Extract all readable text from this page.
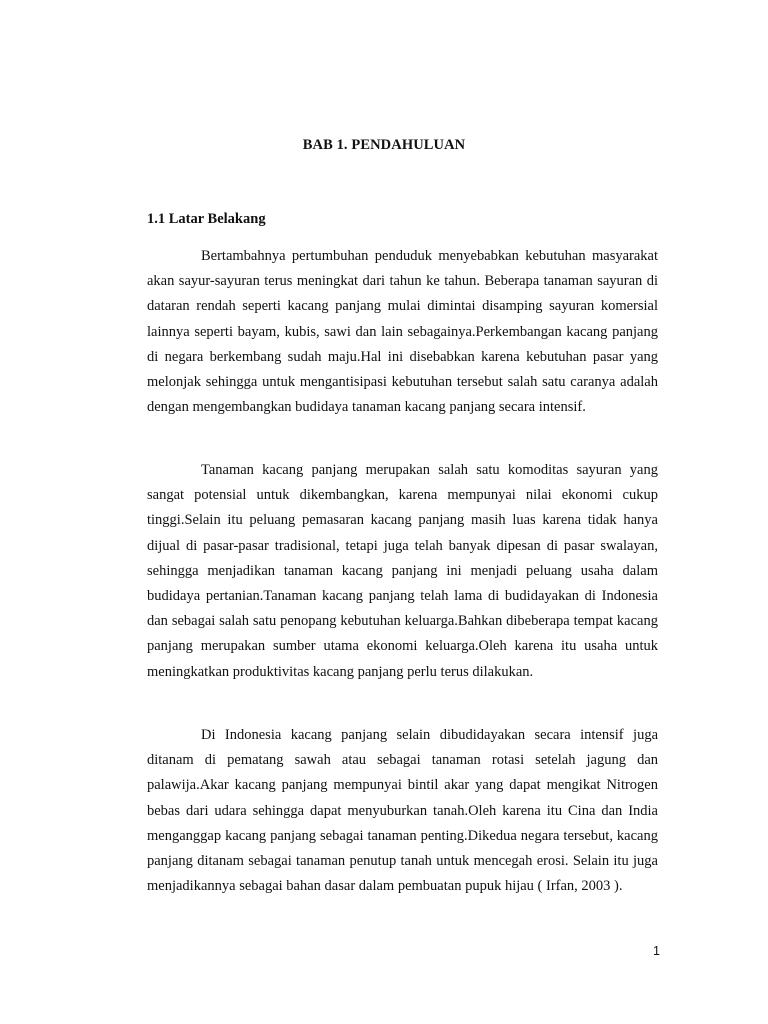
BAB 1. PENDAHULUAN
1.1 Latar Belakang

Bertambahnya pertumbuhan penduduk menyebabkan kebutuhan masyarakat akan sayur-sayuran terus meningkat dari tahun ke tahun. Beberapa tanaman sayuran di dataran rendah seperti kacang panjang mulai dimintai disamping sayuran komersial lainnya seperti bayam, kubis, sawi dan lain sebagainya.Perkembangan kacang panjang di negara berkembang sudah maju.Hal ini disebabkan karena kebutuhan pasar yang melonjak sehingga untuk mengantisipasi kebutuhan tersebut salah satu caranya adalah dengan mengembangkan budidaya tanaman kacang panjang secara intensif.

Tanaman kacang panjang merupakan salah satu komoditas sayuran yang sangat potensial untuk dikembangkan, karena mempunyai nilai ekonomi cukup tinggi.Selain itu peluang pemasaran kacang panjang masih luas karena tidak hanya dijual di pasar-pasar tradisional, tetapi juga telah banyak dipesan di pasar swalayan, sehingga menjadikan tanaman kacang panjang ini menjadi peluang usaha dalam budidaya pertanian.Tanaman kacang panjang telah lama di budidayakan di Indonesia dan sebagai salah satu penopang kebutuhan keluarga.Bahkan dibeberapa tempat kacang panjang merupakan sumber utama ekonomi keluarga.Oleh karena itu usaha untuk meningkatkan produktivitas kacang panjang perlu terus dilakukan.

Di Indonesia kacang panjang selain dibudidayakan secara intensif juga ditanam di pematang sawah atau sebagai tanaman rotasi setelah jagung dan palawija.Akar kacang panjang mempunyai bintil akar yang dapat mengikat Nitrogen bebas dari udara sehingga dapat menyuburkan tanah.Oleh karena itu Cina dan India menganggap kacang panjang sebagai tanaman penting.Dikedua negara tersebut, kacang panjang ditanam sebagai tanaman penutup tanah untuk mencegah erosi. Selain itu juga menjadikannya sebagai bahan dasar dalam pembuatan pupuk hijau ( Irfan, 2003 ).

1
